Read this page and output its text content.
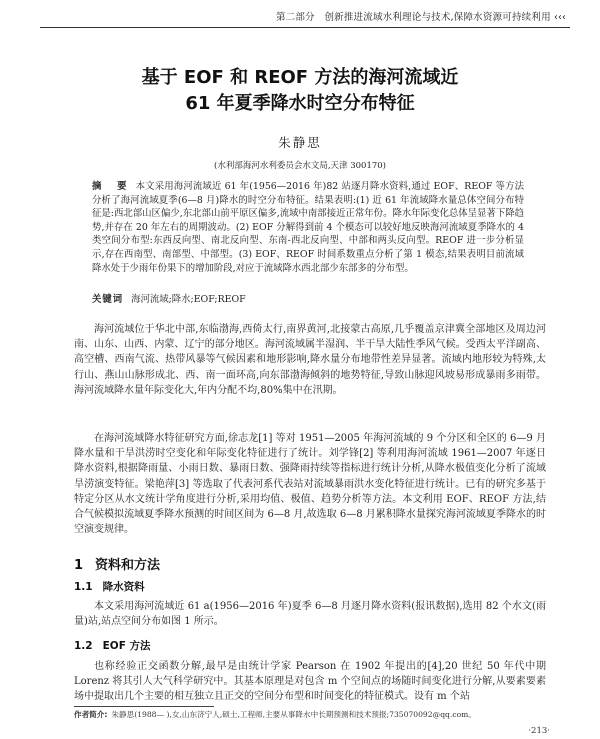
第二部分　创新推进流域水利理论与技术,保障水资源可持续利用 ‹‹‹
基于 EOF 和 REOF 方法的海河流域近
61 年夏季降水时空分布特征
朱静思
(水利部海河水利委员会水文局,天津 300170)
摘　要 本文采用海河流域近 61 年(1956—2016 年)82 站逐月降水资料,通过 EOF、REOF 等方法分析了海河流域夏季(6—8 月)降水的时空分布特征。结果表明:(1) 近 61 年流域降水量总体空间分布特征是:西北部山区偏少,东北部山前平原区偏多,流域中南部接近正常年份。降水年际变化总体呈显著下降趋势,并存在 20 年左右的周期波动。(2) EOF 分解得到前 4 个模态可以较好地反映海河流域夏季降水的 4 类空间分布型:东西反向型、南北反向型、东南-西北反向型、中部和两头反向型。REOF 进一步分析显示,存在西南型、南部型、中部型。(3) EOF、REOF 时间系数重点分析了第 1 模态,结果表明目前流域降水处于少雨年份果下的增加阶段,对应于流域降水西北部少东部多的分布型。
关键词 海河流域;降水;EOF;REOF
海河流域位于华北中部,东临渤海,西倚太行,南界黄河,北接蒙古高原,几乎覆盖京津冀全部地区及周边河南、山东、山西、内蒙、辽宁的部分地区。海河流域属半湿润、半干旱大陆性季风气候。受西太平洋副高、高空槽、西南气流、热带风暴等气候因素和地形影响,降水量分布地带性差异显著。流域内地形较为特殊,太行山、燕山山脉形成北、西、南一面环高,向东部渤海倾斜的地势特征,导致山脉迎风坡易形成暴雨多雨带。海河流域降水量年际变化大,年内分配不均,80%集中在汛期。
在海河流域降水特征研究方面,徐志龙[1] 等对 1951—2005 年海河流域的 9 个分区和全区的 6—9 月降水量和干旱洪涝时空变化和年际变化特征进行了统计。刘学锋[2] 等利用海河流域 1961—2007 年逐日降水资料,根据降雨量、小雨日数、暴雨日数、强降雨持续等指标进行统计分析,从降水极值变化分析了流域旱涝演变特征。梁艳萍[3] 等选取了代表河系代表站对流域暴雨洪水变化特征进行统计。已有的研究多基于特定分区从水文统计学角度进行分析,采用均值、极值、趋势分析等方法。本文利用 EOF、REOF 方法,结合气候模拟流域夏季降水预测的时间区间为 6—8 月,故选取 6—8 月累积降水量探究海河流域夏季降水的时空演变规律。
1 资料和方法
1.1 降水资料
本文采用海河流域近 61 a(1956—2016 年)夏季 6—8 月逐月降水资料(报讯数据),选用 82 个水文(雨量)站,站点空间分布如图 1 所示。
1.2 EOF 方法
也称经验正交函数分解,最早是由统计学家 Pearson 在 1902 年提出的[4],20 世纪 50 年代中期 Lorenz 将其引人大气科学研究中。其基本原理是对包含 m 个空间点的场随时间变化进行分解,从要素要素场中提取出几个主要的相互独立且正交的空间分布型和时间变化的特征模式。设有 m 个站
作者简介: 朱静思(1988— ),女,山东济宁人,硕士,工程师,主要从事降水中长期预测和技术预报;735070092@qq.com。
·213·
